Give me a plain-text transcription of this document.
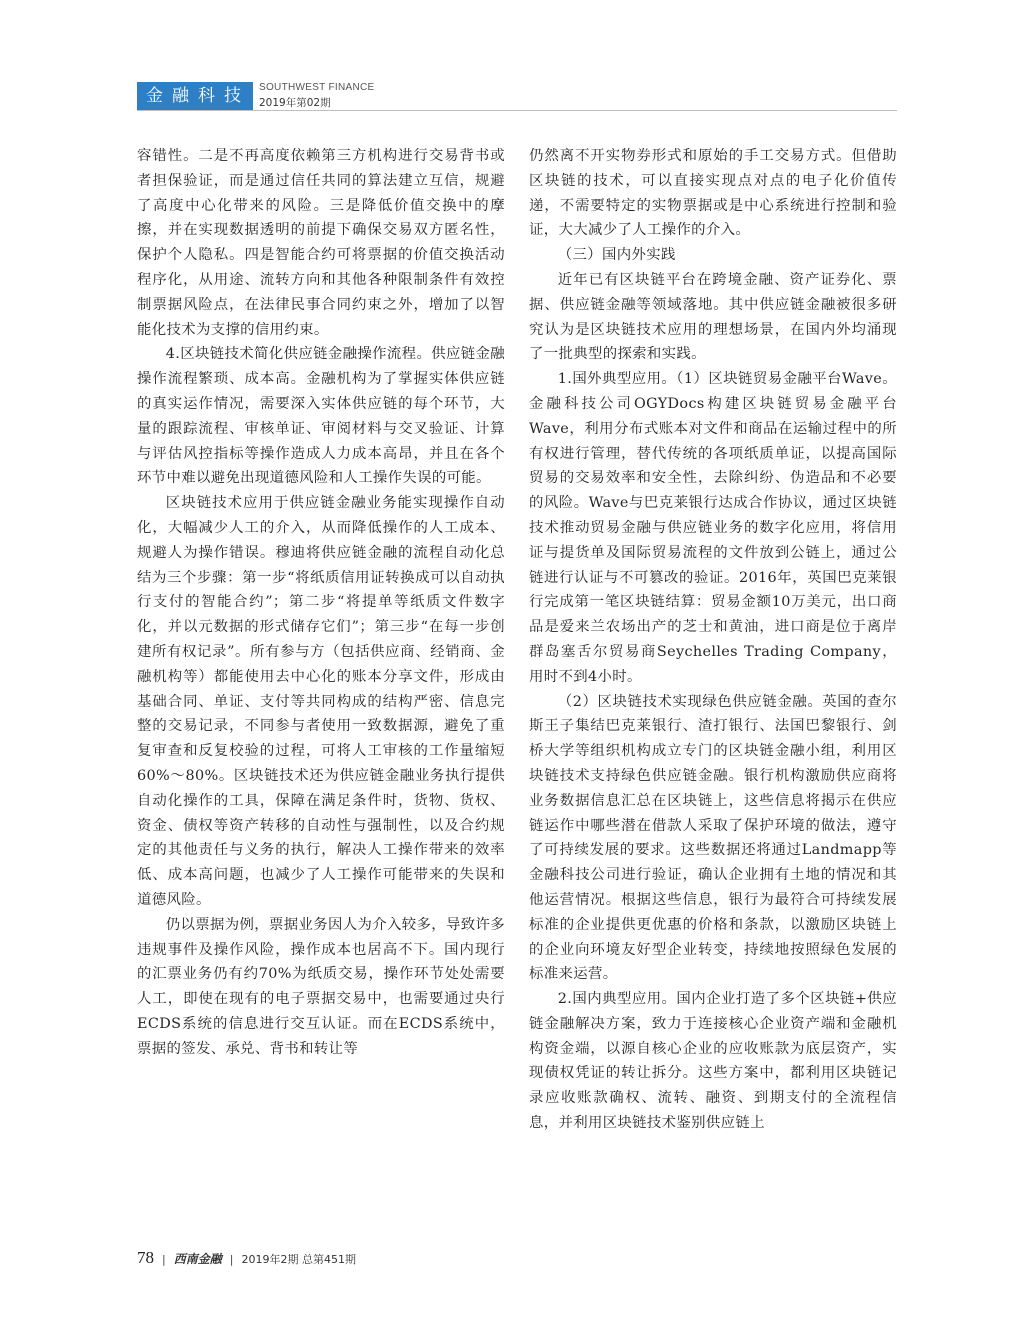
金融科技 SOUTHWEST FINANCE
2019年第02期

容错性。二是不再高度依赖第三方机构进行交易背书或者担保验证，而是通过信任共同的算法建立互信，规避了高度中心化带来的风险。三是降低价值交换中的摩擦，并在实现数据透明的前提下确保交易双方匿名性，保护个人隐私。四是智能合约可将票据的价值交换活动程序化，从用途、流转方向和其他各种限制条件有效控制票据风险点，在法律民事合同约束之外，增加了以智能化技术为支撑的信用约束。

4.区块链技术简化供应链金融操作流程。供应链金融操作流程繁琐、成本高。金融机构为了掌握实体供应链的真实运作情况，需要深入实体供应链的每个环节，大量的跟踪流程、审核单证、审阅材料与交叉验证、计算与评估风控指标等操作造成人力成本高昂，并且在各个环节中难以避免出现道德风险和人工操作失误的可能。

区块链技术应用于供应链金融业务能实现操作自动化，大幅减少人工的介入，从而降低操作的人工成本、规避人为操作错误。穆迪将供应链金融的流程自动化总结为三个步骤：第一步“将纸质信用证转换成可以自动执行支付的智能合约”；第二步“将提单等纸质文件数字化，并以元数据的形式储存它们”；第三步“在每一步创建所有权记录”。所有参与方（包括供应商、经销商、金融机构等）都能使用去中心化的账本分享文件，形成由基础合同、单证、支付等共同构成的结构严密、信息完整的交易记录，不同参与者使用一致数据源，避免了重复审查和反复校验的过程，可将人工审核的工作量缩短60%～80%。区块链技术还为供应链金融业务执行提供自动化操作的工具，保障在满足条件时，货物、货权、资金、债权等资产转移的自动性与强制性，以及合约规定的其他责任与义务的执行，解决人工操作带来的效率低、成本高问题，也减少了人工操作可能带来的失误和道德风险。

仍以票据为例，票据业务因人为介入较多，导致许多违规事件及操作风险，操作成本也居高不下。国内现行的汇票业务仍有约70%为纸质交易，操作环节处处需要人工，即使在现有的电子票据交易中，也需要通过央行ECDS系统的信息进行交互认证。而在ECDS系统中，票据的签发、承兑、背书和转让等

仍然离不开实物券形式和原始的手工交易方式。但借助区块链的技术，可以直接实现点对点的电子化价值传递，不需要特定的实物票据或是中心系统进行控制和验证，大大减少了人工操作的介入。

（三）国内外实践

近年已有区块链平台在跨境金融、资产证券化、票据、供应链金融等领域落地。其中供应链金融被很多研究认为是区块链技术应用的理想场景，在国内外均涌现了一批典型的探索和实践。

1.国外典型应用。（1）区块链贸易金融平台Wave。金融科技公司OGYDocs构建区块链贸易金融平台Wave，利用分布式账本对文件和商品在运输过程中的所有权进行管理，替代传统的各项纸质单证，以提高国际贸易的交易效率和安全性，去除纠纷、伪造品和不必要的风险。Wave与巴克莱银行达成合作协议，通过区块链技术推动贸易金融与供应链业务的数字化应用，将信用证与提货单及国际贸易流程的文件放到公链上，通过公链进行认证与不可篡改的验证。2016年，英国巴克莱银行完成第一笔区块链结算：贸易金额10万美元，出口商品是爱来兰农场出产的芝士和黄油，进口商是位于离岸群岛塞舌尔贸易商Seychelles Trading Company，用时不到4小时。

（2）区块链技术实现绿色供应链金融。英国的查尔斯王子集结巴克莱银行、渣打银行、法国巴黎银行、剑桥大学等组织机构成立专门的区块链金融小组，利用区块链技术支持绿色供应链金融。银行机构激励供应商将业务数据信息汇总在区块链上，这些信息将揭示在供应链运作中哪些潜在借款人采取了保护环境的做法，遵守了可持续发展的要求。这些数据还将通过Landmapp等金融科技公司进行验证，确认企业拥有土地的情况和其他运营情况。根据这些信息，银行为最符合可持续发展标准的企业提供更优惠的价格和条款，以激励区块链上的企业向环境友好型企业转变，持续地按照绿色发展的标准来运营。

2.国内典型应用。国内企业打造了多个区块链+供应链金融解决方案，致力于连接核心企业资产端和金融机构资金端，以源自核心企业的应收账款为底层资产，实现债权凭证的转让拆分。这些方案中，都利用区块链记录应收账款确权、流转、融资、到期支付的全流程信息，并利用区块链技术鉴别供应链上

78 | 西南金融 | 2019年2期 总第451期
